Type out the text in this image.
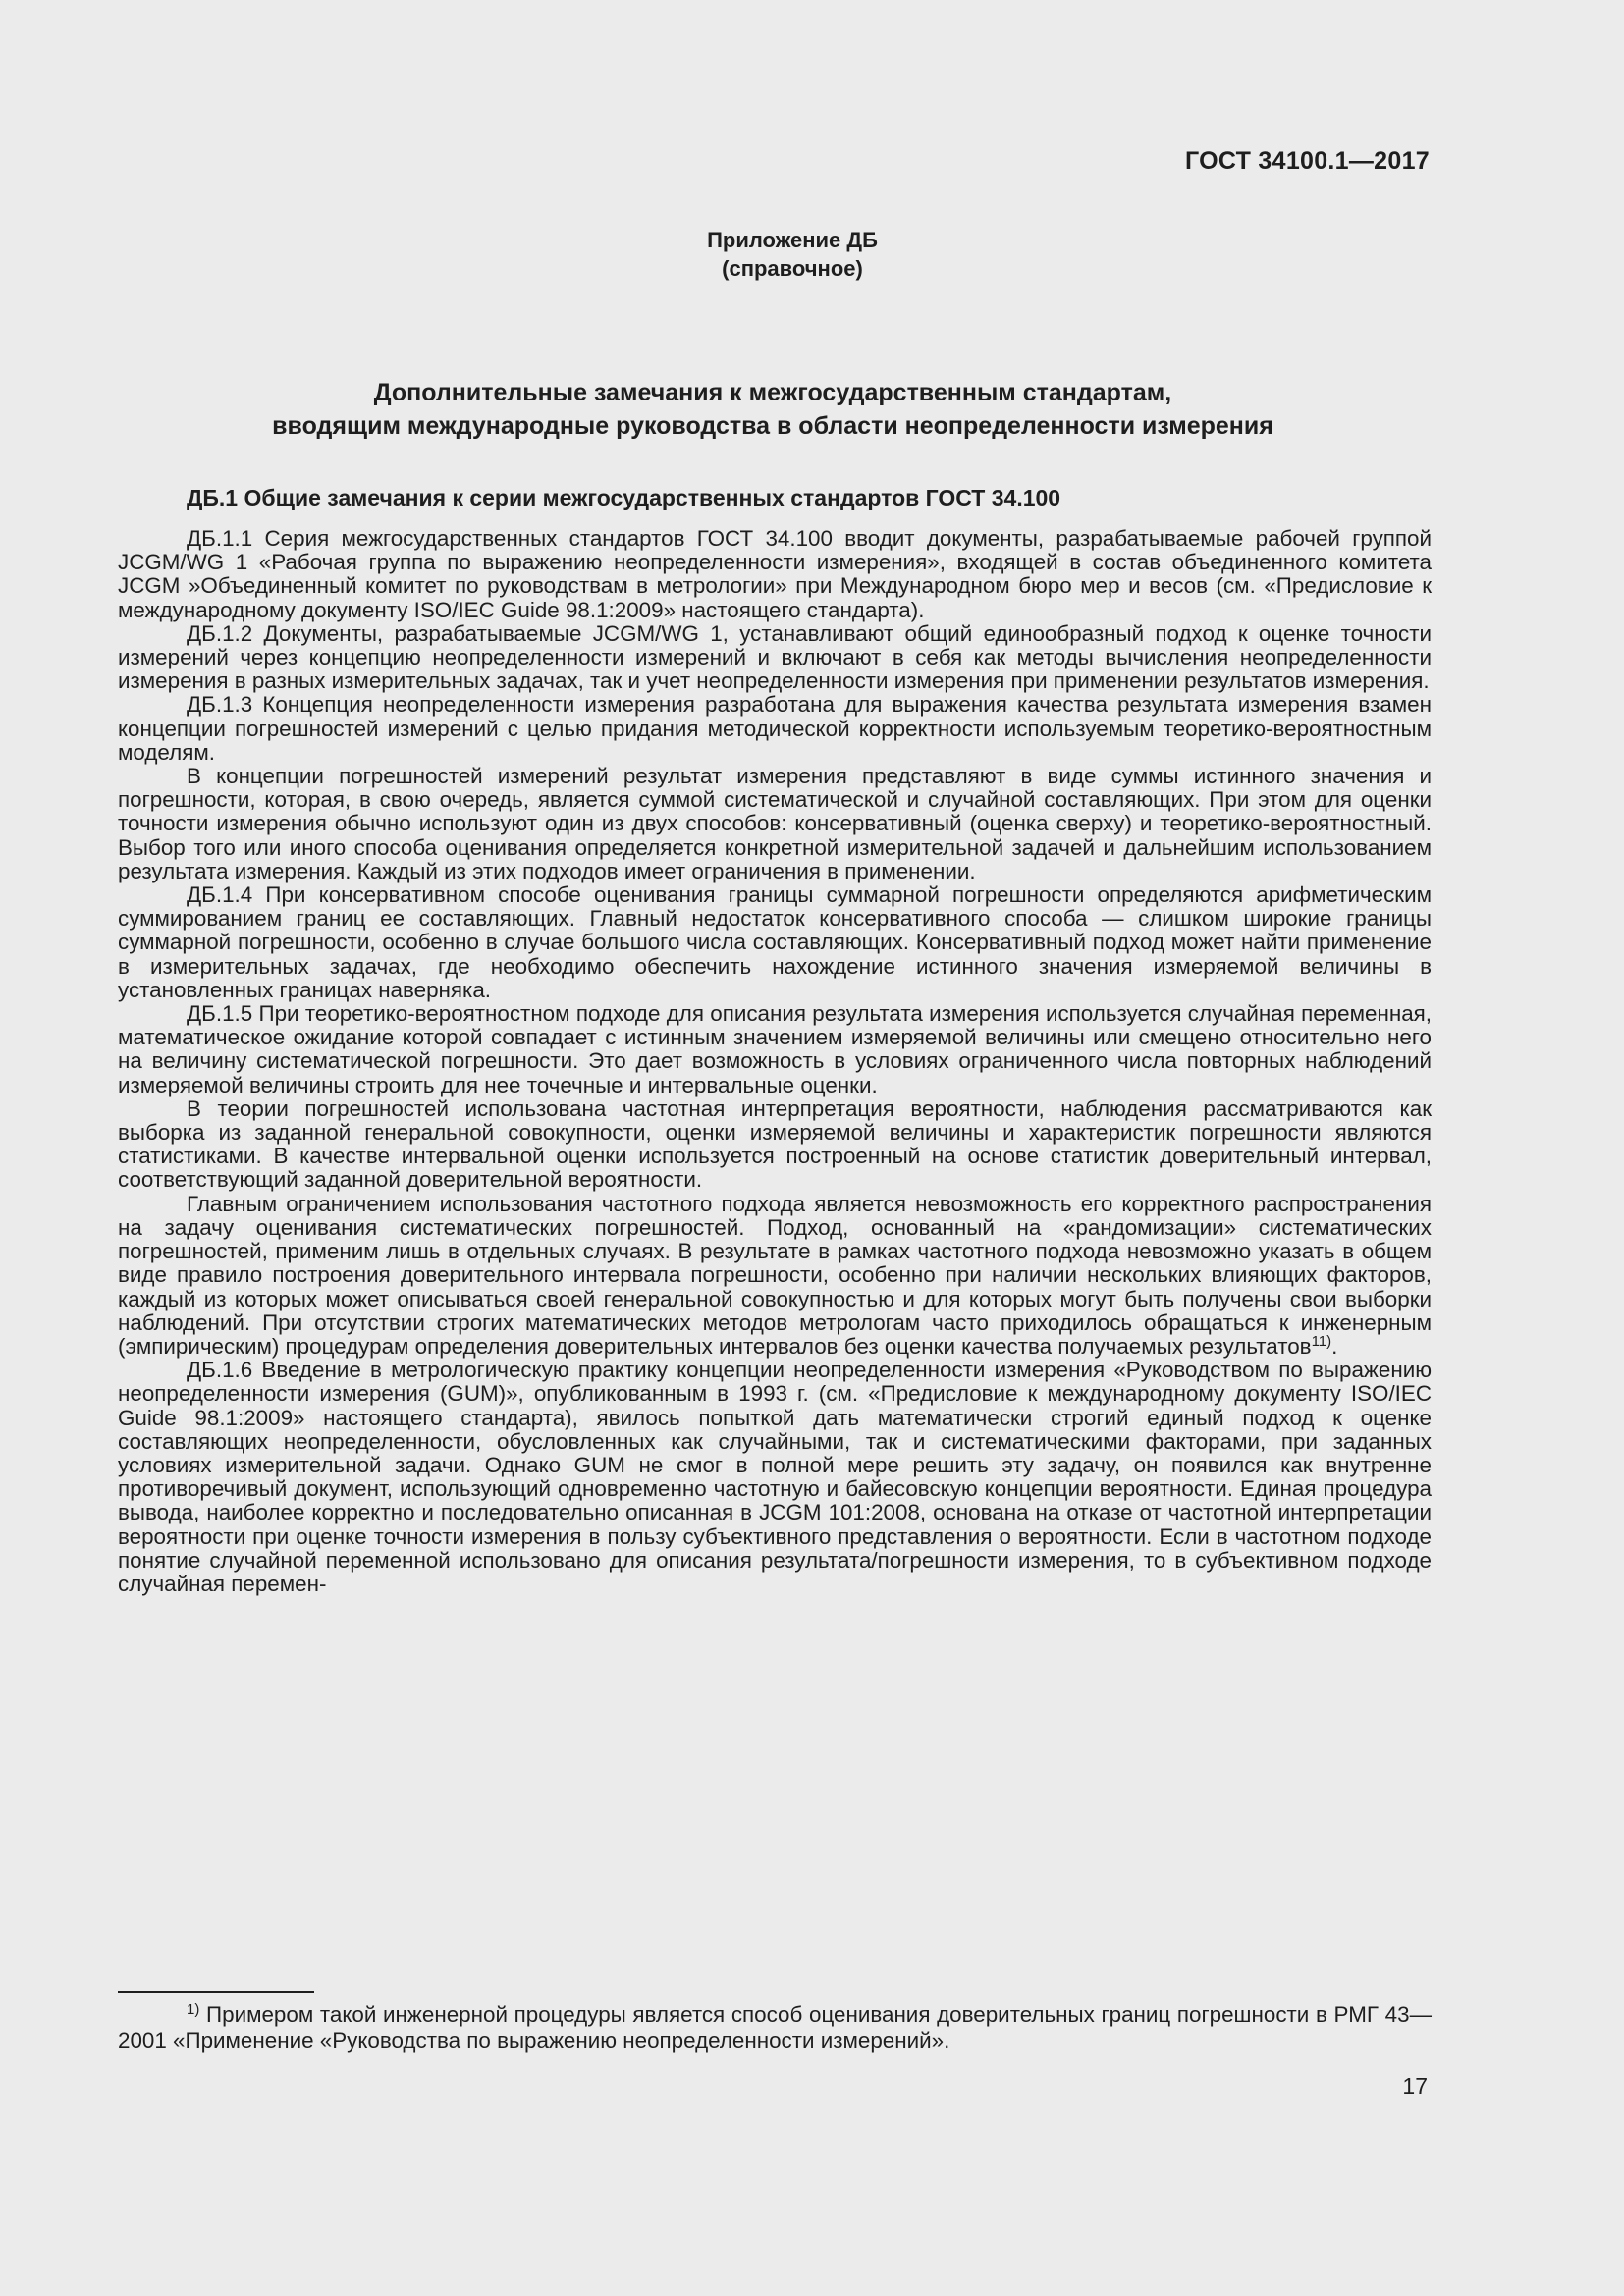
ГОСТ 34100.1—2017
Приложение ДБ
(справочное)
Дополнительные замечания к межгосударственным стандартам,
вводящим международные руководства в области неопределенности измерения
ДБ.1 Общие замечания к серии межгосударственных стандартов ГОСТ 34.100

ДБ.1.1 Серия межгосударственных стандартов ГОСТ 34.100 вводит документы, разрабатываемые рабочей группой JCGM/WG 1 «Рабочая группа по выражению неопределенности измерения», входящей в состав объединенного комитета JCGM »Объединенный комитет по руководствам в метрологии» при Международном бюро мер и весов (см. «Предисловие к международному документу ISO/IEC Guide 98.1:2009» настоящего стандарта).

ДБ.1.2 Документы, разрабатываемые JCGM/WG 1, устанавливают общий единообразный подход к оценке точности измерений через концепцию неопределенности измерений и включают в себя как методы вычисления неопределенности измерения в разных измерительных задачах, так и учет неопределенности измерения при применении результатов измерения.

ДБ.1.3 Концепция неопределенности измерения разработана для выражения качества результата измерения взамен концепции погрешностей измерений с целью придания методической корректности используемым теоретико-вероятностным моделям.

В концепции погрешностей измерений результат измерения представляют в виде суммы истинного значения и погрешности, которая, в свою очередь, является суммой систематической и случайной составляющих. При этом для оценки точности измерения обычно используют один из двух способов: консервативный (оценка сверху) и теоретико-вероятностный. Выбор того или иного способа оценивания определяется конкретной измерительной задачей и дальнейшим использованием результата измерения. Каждый из этих подходов имеет ограничения в применении.

ДБ.1.4 При консервативном способе оценивания границы суммарной погрешности определяются арифметическим суммированием границ ее составляющих. Главный недостаток консервативного способа — слишком широкие границы суммарной погрешности, особенно в случае большого числа составляющих. Консервативный подход может найти применение в измерительных задачах, где необходимо обеспечить нахождение истинного значения измеряемой величины в установленных границах наверняка.

ДБ.1.5 При теоретико-вероятностном подходе для описания результата измерения используется случайная переменная, математическое ожидание которой совпадает с истинным значением измеряемой величины или смещено относительно него на величину систематической погрешности. Это дает возможность в условиях ограниченного числа повторных наблюдений измеряемой величины строить для нее точечные и интервальные оценки.

В теории погрешностей использована частотная интерпретация вероятности, наблюдения рассматриваются как выборка из заданной генеральной совокупности, оценки измеряемой величины и характеристик погрешности являются статистиками. В качестве интервальной оценки используется построенный на основе статистик доверительный интервал, соответствующий заданной доверительной вероятности.

Главным ограничением использования частотного подхода является невозможность его корректного распространения на задачу оценивания систематических погрешностей. Подход, основанный на «рандомизации» систематических погрешностей, применим лишь в отдельных случаях. В результате в рамках частотного подхода невозможно указать в общем виде правило построения доверительного интервала погрешности, особенно при наличии нескольких влияющих факторов, каждый из которых может описываться своей генеральной совокупностью и для которых могут быть получены свои выборки наблюдений. При отсутствии строгих математических методов метрологам часто приходилось обращаться к инженерным (эмпирическим) процедурам определения доверительных интервалов без оценки качества получаемых результатов$^{11)}$.

ДБ.1.6 Введение в метрологическую практику концепции неопределенности измерения «Руководством по выражению неопределенности измерения (GUM)», опубликованным в 1993 г. (см. «Предисловие к международному документу ISO/IEC Guide 98.1:2009» настоящего стандарта), явилось попыткой дать математически строгий единый подход к оценке составляющих неопределенности, обусловленных как случайными, так и систематическими факторами, при заданных условиях измерительной задачи. Однако GUM не смог в полной мере решить эту задачу, он появился как внутренне противоречивый документ, использующий одновременно частотную и байесовскую концепции вероятности. Единая процедура вывода, наиболее корректно и последовательно описанная в JCGM 101:2008, основана на отказе от частотной интерпретации вероятности при оценке точности измерения в пользу субъективного представления о вероятности. Если в частотном подходе понятие случайной переменной использовано для описания результата/погрешности измерения, то в субъективном подходе случайная перемен-

$^{1)}$ Примером такой инженерной процедуры является способ оценивания доверительных границ погрешности в РМГ 43—2001 «Применение «Руководства по выражению неопределенности измерений».

17
